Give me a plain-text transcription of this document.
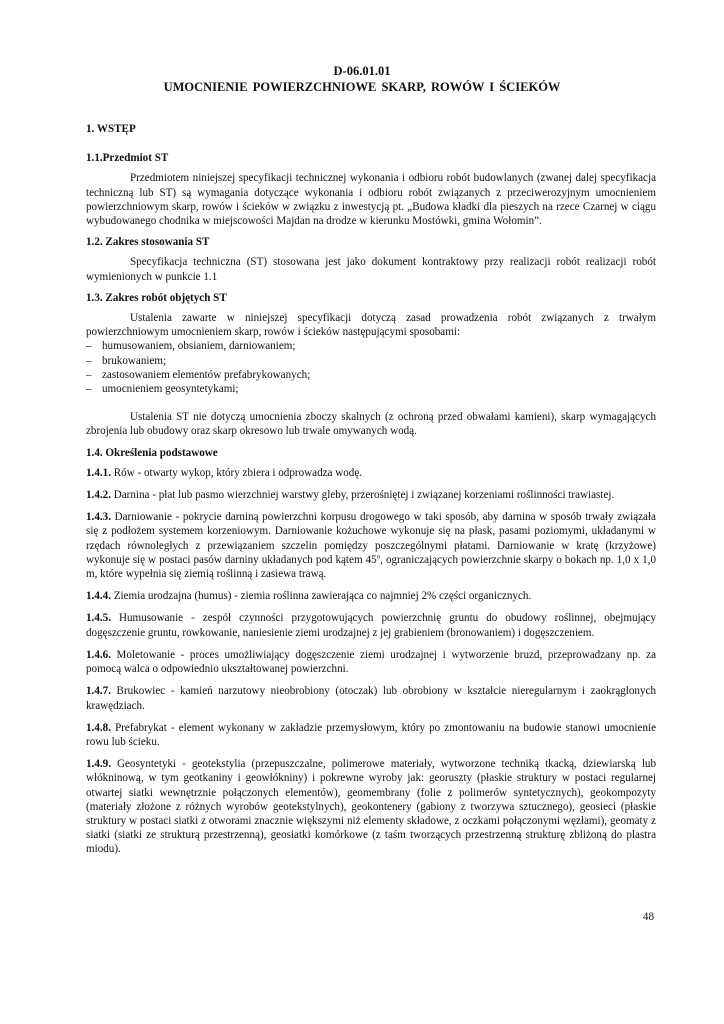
D-06.01.01
UMOCNIENIE POWIERZCHNIOWE SKARP, ROWÓW I ŚCIEKÓW
1. WSTĘP
1.1.Przedmiot ST

Przedmiotem niniejszej specyfikacji technicznej wykonania i odbioru robót budowlanych (zwanej dalej specyfikacja techniczną lub ST) są wymagania dotyczące wykonania i odbioru robót związanych z przeciwerozyjnym umocnieniem powierzchniowym skarp, rowów i ścieków w związku z inwestycją pt. „Budowa kładki dla pieszych na rzece Czarnej w ciągu wybudowanego chodnika w miejscowości Majdan na drodze w kierunku Mostówki, gmina Wołomin”.

1.2. Zakres stosowania ST

Specyfikacja techniczna (ST) stosowana jest jako dokument kontraktowy przy realizacji robót realizacji robót wymienionych w punkcie 1.1

1.3. Zakres robót objętych ST

Ustalenia zawarte w niniejszej specyfikacji dotyczą zasad prowadzenia robót związanych z trwałym powierzchniowym umocnieniem skarp, rowów i ścieków następującymi sposobami:

– humusowaniem, obsianiem, darniowaniem;
– brukowaniem;
– zastosowaniem elementów prefabrykowanych;
– umocnieniem geosyntetykami;

Ustalenia ST nie dotyczą umocnienia zboczy skalnych (z ochroną przed obwałami kamieni), skarp wymagających zbrojenia lub obudowy oraz skarp okresowo lub trwale omywanych wodą.

1.4. Określenia podstawowe

1.4.1. Rów - otwarty wykop, który zbiera i odprowadza wodę.

1.4.2. Darnina - płat lub pasmo wierzchniej warstwy gleby, przerośniętej i związanej korzeniami roślinności trawiastej.

1.4.3. Darniowanie - pokrycie darniną powierzchni korpusu drogowego w taki sposób, aby darnina w sposób trwały związała się z podłożem systemem korzeniowym. Darniowanie kożuchowe wykonuje się na płask, pasami poziomymi, układanymi w rzędach równoległych z przewiązaniem szczelin pomiędzy poszczególnymi płatami. Darniowanie w kratę (krzyżowe) wykonuje się w postaci pasów darniny układanych pod kątem 45$^o$, ograniczających powierzchnie skarpy o bokach np. 1,0 x 1,0 m, które wypełnia się ziemią roślinną i zasiewa trawą.

1.4.4. Ziemia urodzajna (humus) - ziemia roślinna zawierająca co najmniej 2% części organicznych.

1.4.5. Humusowanie - zespół czynności przygotowujących powierzchnię gruntu do obudowy roślinnej, obejmujący dogęszczenie gruntu, rowkowanie, naniesienie ziemi urodzajnej z jej grabieniem (bronowaniem) i dogęszczeniem.

1.4.6. Moletowanie - proces umożliwiający dogęszczenie ziemi urodzajnej i wytworzenie bruzd, przeprowadzany np. za pomocą walca o odpowiednio ukształtowanej powierzchni.

1.4.7. Brukowiec - kamień narzutowy nieobrobiony (otoczak) lub obrobiony w kształcie nieregularnym i zaokrąglonych krawędziach.

1.4.8. Prefabrykat - element wykonany w zakładzie przemysłowym, który po zmontowaniu na budowie stanowi umocnienie rowu lub ścieku.

1.4.9. Geosyntetyki - geotekstylia (przepuszczalne, polimerowe materiały, wytworzone techniką tkacką, dziewiarską lub włókninową, w tym geotkaniny i geowłókniny) i pokrewne wyroby jak: georuszty (płaskie struktury w postaci regularnej otwartej siatki wewnętrznie połączonych elementów), geomembrany (folie z polimerów syntetycznych), geokompozyty (materiały złożone z różnych wyrobów geotekstylnych), geokontenery (gabiony z tworzywa sztucznego), geosieci (płaskie struktury w postaci siatki z otworami znacznie większymi niż elementy składowe, z oczkami połączonymi węzłami), geomaty z siatki (siatki ze strukturą przestrzenną), geosiatki komórkowe (z taśm tworzących przestrzenną strukturę zbliżoną do plastra miodu).

48
